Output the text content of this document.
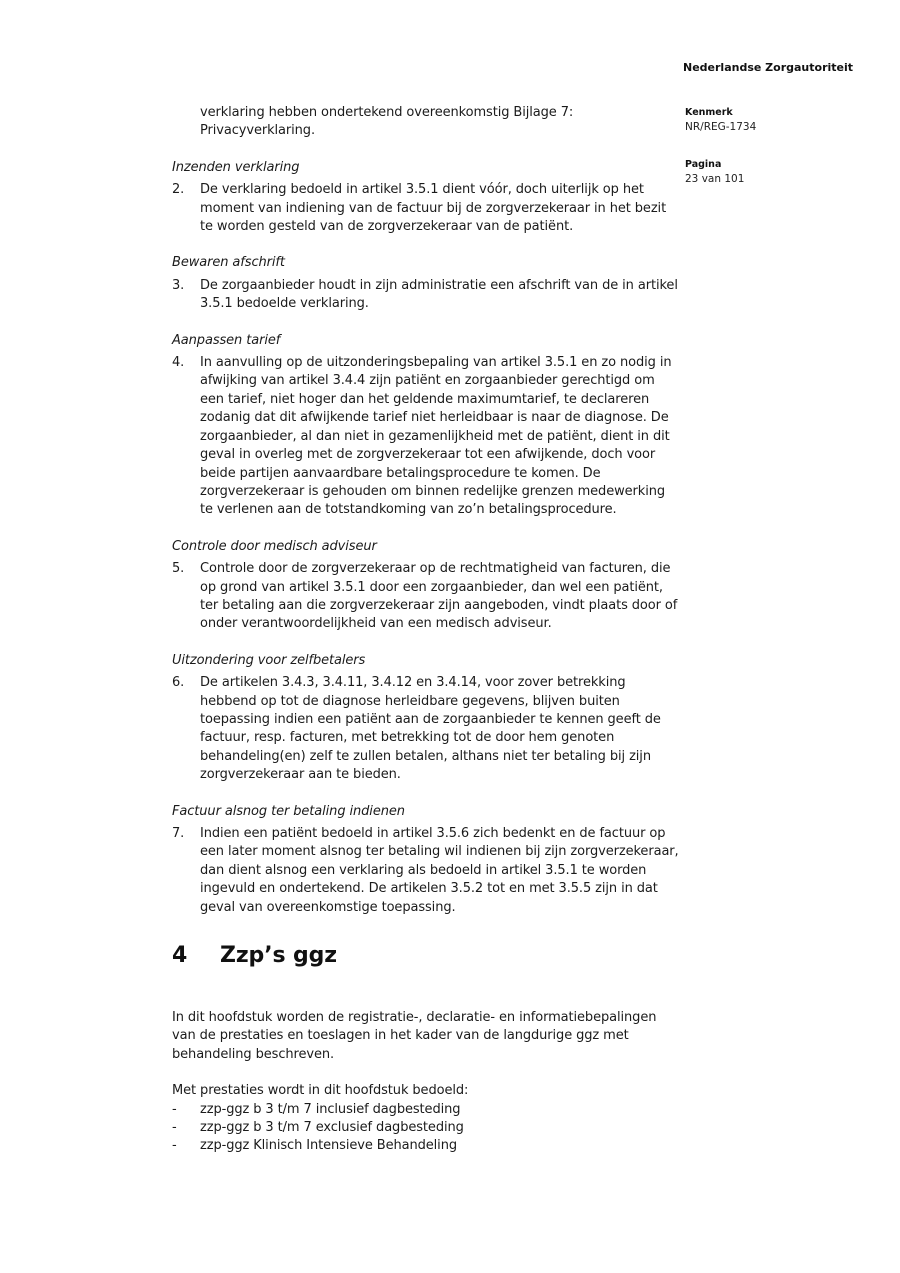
Nederlandse Zorgautoriteit
Kenmerk
NR/REG-1734
Pagina
23 van 101
verklaring hebben ondertekend overeenkomstig Bijlage 7: Privacyverklaring.
Inzenden verklaring
2.	De verklaring bedoeld in artikel 3.5.1 dient vóór, doch uiterlijk op het moment van indiening van de factuur bij de zorgverzekeraar in het bezit te worden gesteld van de zorgverzekeraar van de patiënt.
Bewaren afschrift
3.	De zorgaanbieder houdt in zijn administratie een afschrift van de in artikel 3.5.1 bedoelde verklaring.
Aanpassen tarief
4.	In aanvulling op de uitzonderingsbepaling van artikel 3.5.1 en zo nodig in afwijking van artikel 3.4.4 zijn patiënt en zorgaanbieder gerechtigd om een tarief, niet hoger dan het geldende maximumtarief, te declareren zodanig dat dit afwijkende tarief niet herleidbaar is naar de diagnose. De zorgaanbieder, al dan niet in gezamenlijkheid met de patiënt, dient in dit geval in overleg met de zorgverzekeraar tot een afwijkende, doch voor beide partijen aanvaardbare betalingsprocedure te komen. De zorgverzekeraar is gehouden om binnen redelijke grenzen medewerking te verlenen aan de totstandkoming van zo’n betalingsprocedure.
Controle door medisch adviseur
5.	Controle door de zorgverzekeraar op de rechtmatigheid van facturen, die op grond van artikel 3.5.1 door een zorgaanbieder, dan wel een patiënt, ter betaling aan die zorgverzekeraar zijn aangeboden, vindt plaats door of onder verantwoordelijkheid van een medisch adviseur.
Uitzondering voor zelfbetalers
6.	De artikelen 3.4.3, 3.4.11, 3.4.12 en 3.4.14, voor zover betrekking hebbend op tot de diagnose herleidbare gegevens, blijven buiten toepassing indien een patiënt aan de zorgaanbieder te kennen geeft de factuur, resp. facturen, met betrekking tot de door hem genoten behandeling(en) zelf te zullen betalen, althans niet ter betaling bij zijn zorgverzekeraar aan te bieden.
Factuur alsnog ter betaling indienen
7.	Indien een patiënt bedoeld in artikel 3.5.6 zich bedenkt en de factuur op een later moment alsnog ter betaling wil indienen bij zijn zorgverzekeraar, dan dient alsnog een verklaring als bedoeld in artikel 3.5.1 te worden ingevuld en ondertekend. De artikelen 3.5.2 tot en met 3.5.5 zijn in dat geval van overeenkomstige toepassing.
4	Zzp’s ggz
In dit hoofdstuk worden de registratie-, declaratie- en informatiebepalingen van de prestaties en toeslagen in het kader van de langdurige ggz met behandeling beschreven.
Met prestaties wordt in dit hoofdstuk bedoeld:
-	zzp-ggz b 3 t/m 7 inclusief dagbesteding
-	zzp-ggz b 3 t/m 7 exclusief dagbesteding
-	zzp-ggz Klinisch Intensieve Behandeling
